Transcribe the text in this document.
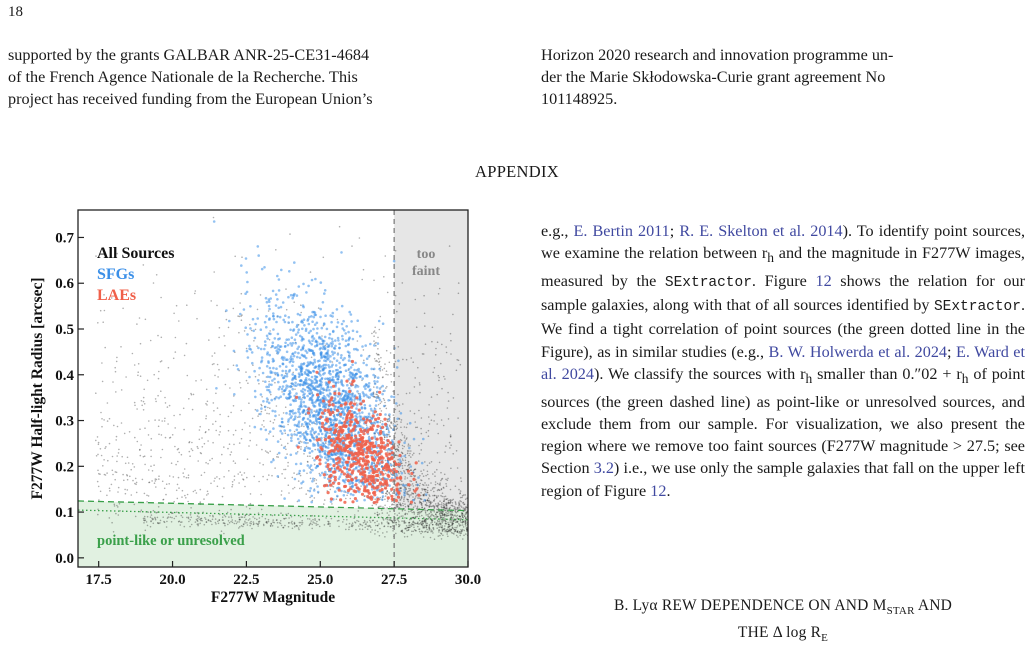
18
supported by the grants GALBAR ANR-25-CE31-4684
of the French Agence Nationale de la Recherche. This
project has received funding from the European Union’s
Horizon 2020 research and innovation programme un-
der the Marie Skłodowska-Curie grant agreement No
101148925.
APPENDIX
17.5	20.0	22.5	25.0	27.5	30.0
0.0
0.1
0.2
0.3
0.4
0.5
0.6
0.7
F277W Magnitude
F277W Half-light Radius [arcsec]
All Sources
SFGs
LAEs
too
faint
point-like or unresolved
e.g., E. Bertin 2011; R. E. Skelton et al. 2014). To identify point sources, we examine the relation between $r_h$ and the magnitude in F277W images, measured by the SExtractor. Figure 12 shows the relation for our sample galaxies, along with that of all sources identified by SExtractor. We find a tight correlation of point sources (the green dotted line in the Figure), as in similar studies (e.g., B. W. Holwerda et al. 2024; E. Ward et al. 2024). We classify the sources with $r_h$ smaller than $0.''02 + r_h$ of point sources (the green dashed line) as point-like or unresolved sources, and exclude them from our sample. For visualization, we also present the region where we remove too faint sources (F277W magnitude > 27.5; see Section 3.2) i.e., we use only the sample galaxies that fall on the upper left region of Figure 12.
B. Lyα REW DEPENDENCE ON AND $M_{STAR}$ AND
THE Δ $\log R_E$
